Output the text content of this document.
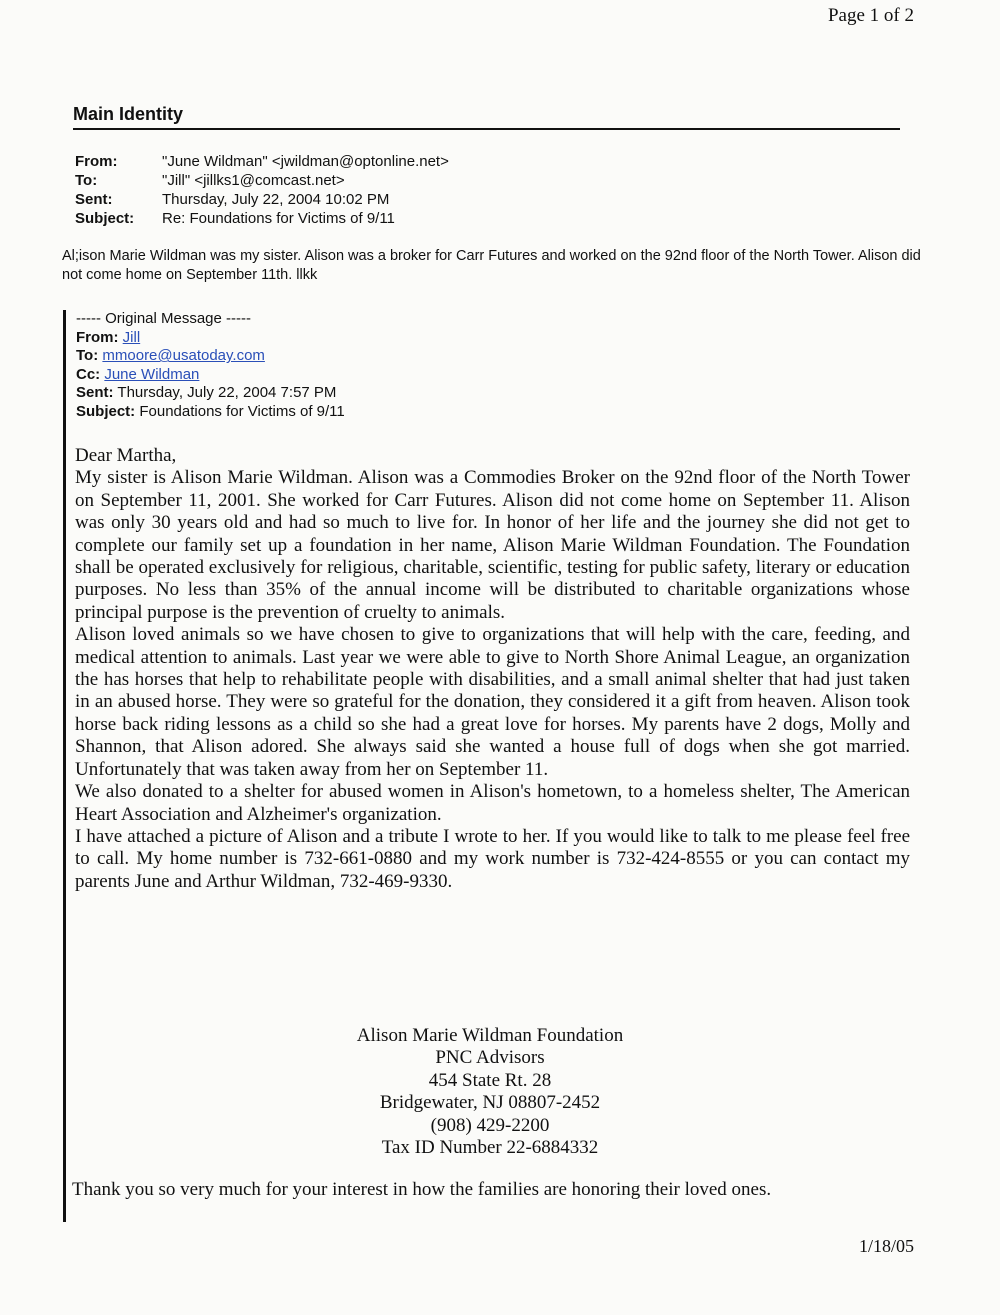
Page 1 of 2
Main Identity
From:	"June Wildman" <jwildman@optonline.net>
To:	"Jill" <jillks1@comcast.net>
Sent:	Thursday, July 22, 2004 10:02 PM
Subject:	Re: Foundations for Victims of 9/11
Al;ison Marie Wildman was my sister. Alison was a broker for Carr Futures and worked on the 92nd floor of the North Tower. Alison did not come home on September 11th. llkk
----- Original Message -----
From: Jill
To: mmoore@usatoday.com
Cc: June Wildman
Sent: Thursday, July 22, 2004 7:57 PM
Subject: Foundations for Victims of 9/11

Dear Martha,

My sister is Alison Marie Wildman. Alison was a Commodies Broker on the 92nd floor of the North Tower on September 11, 2001. She worked for Carr Futures. Alison did not come home on September 11. Alison was only 30 years old and had so much to live for. In honor of her life and the journey she did not get to complete our family set up a foundation in her name, Alison Marie Wildman Foundation. The Foundation shall be operated exclusively for religious, charitable, scientific, testing for public safety, literary or education purposes. No less than 35% of the annual income will be distributed to charitable organizations whose principal purpose is the prevention of cruelty to animals.

Alison loved animals so we have chosen to give to organizations that will help with the care, feeding, and medical attention to animals. Last year we were able to give to North Shore Animal League, an organization the has horses that help to rehabilitate people with disabilities, and a small animal shelter that had just taken in an abused horse. They were so grateful for the donation, they considered it a gift from heaven. Alison took horse back riding lessons as a child so she had a great love for horses. My parents have 2 dogs, Molly and Shannon, that Alison adored. She always said she wanted a house full of dogs when she got married. Unfortunately that was taken away from her on September 11.

We also donated to a shelter for abused women in Alison's hometown, to a homeless shelter, The American Heart Association and Alzheimer's organization.

I have attached a picture of Alison and a tribute I wrote to her. If you would like to talk to me please feel free to call. My home number is 732-661-0880 and my work number is 732-424-8555 or you can contact my parents June and Arthur Wildman, 732-469-9330.

Alison Marie Wildman Foundation
PNC Advisors
454 State Rt. 28
Bridgewater, NJ 08807-2452
(908) 429-2200
Tax ID Number 22-6884332
Thank you so very much for your interest in how the families are honoring their loved ones.
1/18/05
